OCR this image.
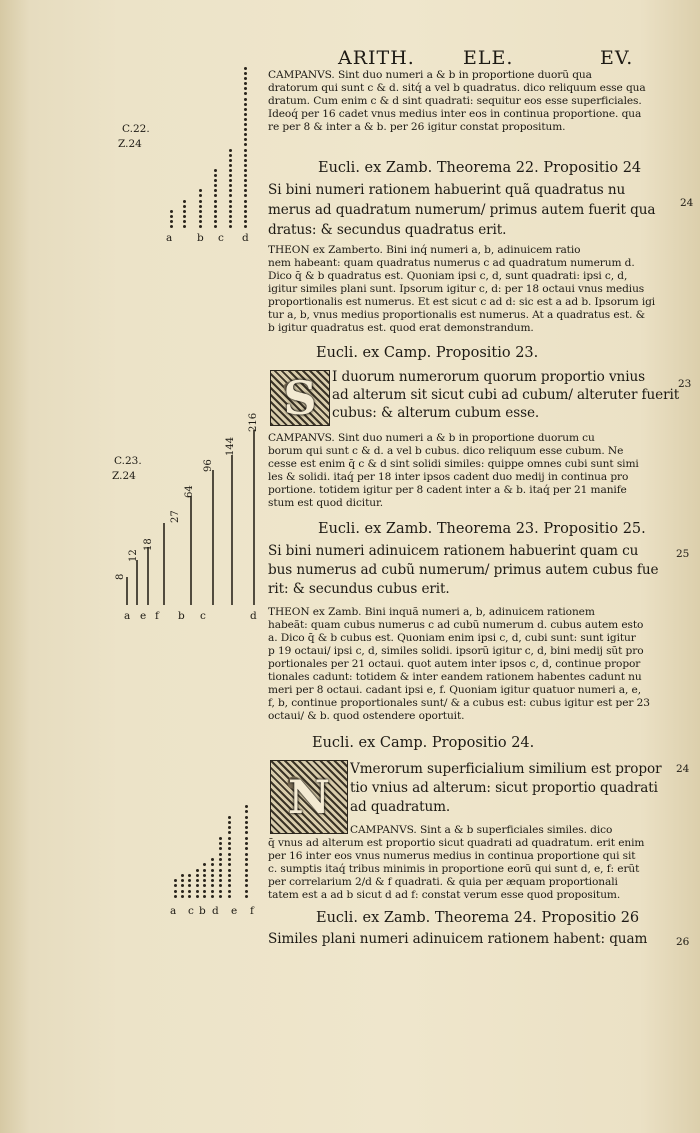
ARITH.	ELE.	EV.
C.22.
Z.24
C.23.
Z.24
a b c d
8
12
18
27
64
96
144
216
a e f b c	d
a c b d e f
S
N
CAMPANVS. Sint duo numeri a & b in proportione duorũ qua
dratorum qui sunt c & d. sitq́ a vel b quadratus. dico reliquum esse qua
dratum. Cum enim c & d sint quadrati: sequitur eos esse superficiales.
Ideoq́ per 16 cadet vnus medius inter eos in continua proportione. qua
re per 8 & inter a & b. per 26 igitur constat propositum.
Eucli. ex Zamb. Theorema 22. Propositio 24
Si bini numeri rationem habuerint quã quadratus nu
merus ad quadratum numerum/ primus autem fuerit qua
dratus: & secundus quadratus erit.
THEON ex Zamberto. Bini inq́ numeri a, b, adinuicem ratio
nem habeant: quam quadratus numerus c ad quadratum numerum d.
Dico q̄ & b quadratus est. Quoniam ipsi c, d, sunt quadrati: ipsi c, d,
igitur similes plani sunt. Ipsorum igitur c, d: per 18 octaui vnus medius
proportionalis est numerus. Et est sicut c ad d: sic est a ad b. Ipsorum igi
tur a, b, vnus medius proportionalis est numerus. At a quadratus est. &
b igitur quadratus est. quod erat demonstrandum.
Eucli. ex Camp. Propositio 23.
I duorum numerorum quorum proportio vnius
ad alterum sit sicut cubi ad cubum/ alteruter fuerit
cubus: & alterum cubum esse.
CAMPANVS. Sint duo numeri a & b in proportione duorum cu
borum qui sunt c & d. a vel b cubus. dico reliquum esse cubum. Ne
cesse est enim q̄ c & d sint solidi similes: quippe omnes cubi sunt simi
les & solidi. itaq́ per 18 inter ipsos cadent duo medij in continua pro
portione. totidem igitur per 8 cadent inter a & b. itaq́ per 21 manife
stum est quod dicitur.
Eucli. ex Zamb. Theorema 23. Propositio 25.
Si bini numeri adinuicem rationem habuerint quam cu
bus numerus ad cubũ numerum/ primus autem cubus fue
rit: & secundus cubus erit.
THEON ex Zamb. Bini inquã numeri a, b, adinuicem rationem
habeãt: quam cubus numerus c ad cubũ numerum d. cubus autem esto
a. Dico q̄ & b cubus est. Quoniam enim ipsi c, d, cubi sunt: sunt igitur
p 19 octaui/ ipsi c, d, similes solidi. ipsorũ igitur c, d, bini medij sũt pro
portionales per 21 octaui. quot autem inter ipsos c, d, continue propor
tionales cadunt: totidem & inter eandem rationem habentes cadunt nu
meri per 8 octaui. cadant ipsi e, f. Quoniam igitur quatuor numeri a, e,
f, b, continue proportionales sunt/ & a cubus est: cubus igitur est per 23
octaui/ & b. quod ostendere oportuit.
Eucli. ex Camp. Propositio 24.
Vmerorum superficialium similium est propor
tio vnius ad alterum: sicut proportio quadrati
ad quadratum.
CAMPANVS. Sint a & b superficiales similes. dico
q̄ vnus ad alterum est proportio sicut quadrati ad quadratum. erit enim
per 16 inter eos vnus numerus medius in continua proportione qui sit
c. sumptis itaq́ tribus minimis in proportione eorũ qui sunt d, e, f: erũt
per correlarium 2/d & f quadrati. & quia per æquam proportionali
tatem est a ad b sicut d ad f: constat verum esse quod propositum.
Eucli. ex Zamb. Theorema 24. Propositio 26
Similes plani numeri adinuicem rationem habent: quam
24
23
25
24
26
